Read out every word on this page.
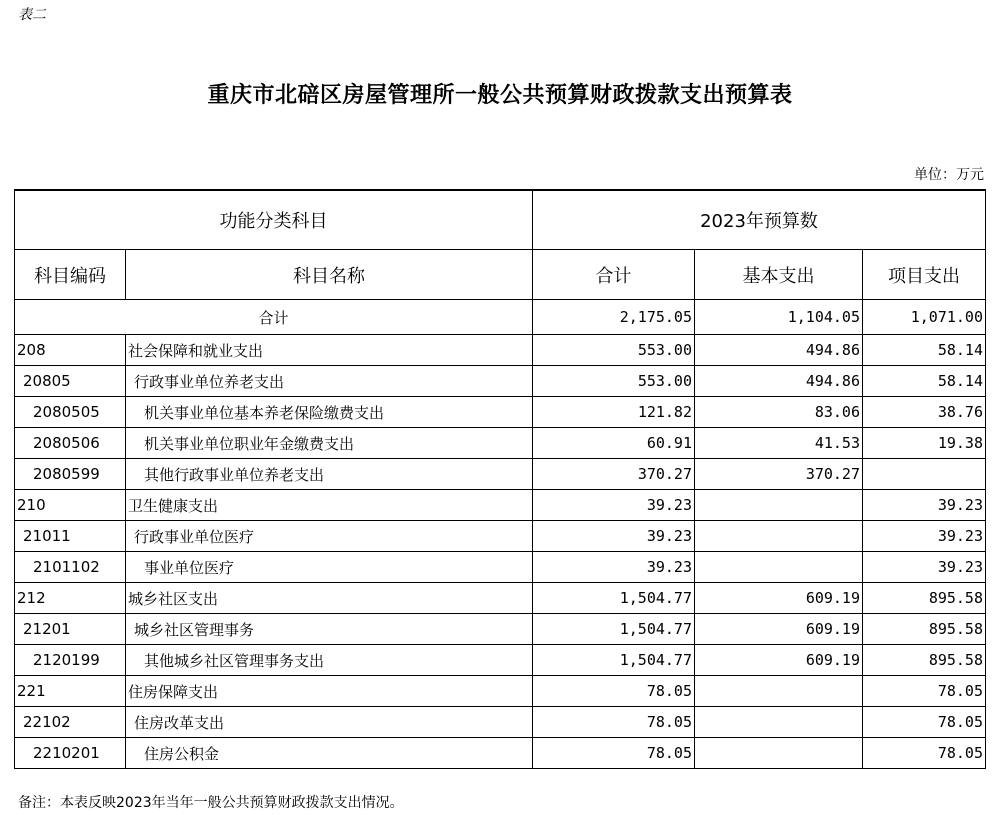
表二
重庆市北碚区房屋管理所一般公共预算财政拨款支出预算表
单位：万元
功能分类科目		2023年预算数		
科目编码	科目名称	合计	基本支出	项目支出
合计		2,175.05	1,104.05	1,071.00
208	社会保障和就业支出	553.00	494.86	58.14
20805	行政事业单位养老支出	553.00	494.86	58.14
2080505	机关事业单位基本养老保险缴费支出	121.82	83.06	38.76
2080506	机关事业单位职业年金缴费支出	60.91	41.53	19.38
2080599	其他行政事业单位养老支出	370.27	370.27	
210	卫生健康支出	39.23		39.23
21011	行政事业单位医疗	39.23		39.23
2101102	事业单位医疗	39.23		39.23
212	城乡社区支出	1,504.77	609.19	895.58
21201	城乡社区管理事务	1,504.77	609.19	895.58
2120199	其他城乡社区管理事务支出	1,504.77	609.19	895.58
221	住房保障支出	78.05		78.05
22102	住房改革支出	78.05		78.05
2210201	住房公积金	78.05		78.05
备注：本表反映2023年当年一般公共预算财政拨款支出情况。
